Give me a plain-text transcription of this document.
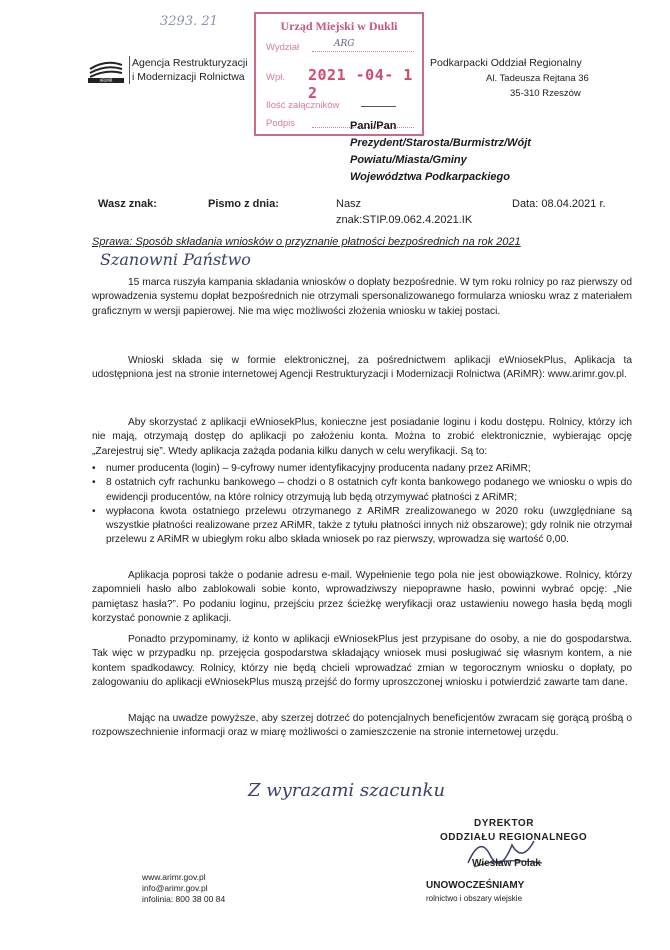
3293. 21
ARiMR
Agencja Restrukturyzacji
i Modernizacji Rolnictwa
Urząd Miejski w Dukli
Wydział	ARG
Wpł.	2021 -04- 1 2
Ilość załączników
Podpis
Podkarpacki Oddział Regionalny
Al. Tadeusza Rejtana 36
35-310 Rzeszów
Pani/Pan
Prezydent/Starosta/Burmistrz/Wójt
Powiatu/Miasta/Gminy
Województwa Podkarpackiego
Wasz znak:	Pismo z dnia:	Nasz
znak:STIP.09.062.4.2021.IK
Data: 08.04.2021 r.
Sprawa: Sposób składania wniosków o przyznanie płatności bezpośrednich na rok 2021
Szanowni Państwo
15 marca ruszyła kampania składania wniosków o dopłaty bezpośrednie. W tym roku rolnicy po raz pierwszy od wprowadzenia systemu dopłat bezpośrednich nie otrzymali spersonalizowanego formularza wniosku wraz z materiałem graficznym w wersji papierowej. Nie ma więc możliwości złożenia wniosku w takiej postaci.
Wnioski składa się w formie elektronicznej, za pośrednictwem aplikacji eWniosekPlus, Aplikacja ta udostępniona jest na stronie internetowej Agencji Restrukturyzacji i Modernizacji Rolnictwa (ARiMR): www.arimr.gov.pl.
Aby skorzystać z aplikacji eWniosekPlus, konieczne jest posiadanie loginu i kodu dostępu. Rolnicy, którzy ich nie mają, otrzymają dostęp do aplikacji po założeniu konta. Można to zrobić elektronicznie, wybierając opcję „Zarejestruj się”. Wtedy aplikacja zażąda podania kilku danych w celu weryfikacji. Są to:
• numer producenta (login) – 9-cyfrowy numer identyfikacyjny producenta nadany przez ARiMR;
• 8 ostatnich cyfr rachunku bankowego – chodzi o 8 ostatnich cyfr konta bankowego podanego we wniosku o wpis do ewidencji producentów, na które rolnicy otrzymują lub będą otrzymywać płatności z ARiMR;
• wypłacona kwota ostatniego przelewu otrzymanego z ARiMR zrealizowanego w 2020 roku (uwzględniane są wszystkie płatności realizowane przez ARiMR, także z tytułu płatności innych niż obszarowe); gdy rolnik nie otrzymał przelewu z ARiMR w ubiegłym roku albo składa wniosek po raz pierwszy, wprowadza się wartość 0,00.
Aplikacja poprosi także o podanie adresu e-mail. Wypełnienie tego pola nie jest obowiązkowe. Rolnicy, którzy zapomnieli hasło albo zablokowali sobie konto, wprowadziwszy niepoprawne hasło, powinni wybrać opcję: „Nie pamiętasz hasła?”. Po podaniu loginu, przejściu przez ścieżkę weryfikacji oraz ustawieniu nowego hasła będą mogli korzystać ponownie z aplikacji.
Ponadto przypominamy, iż konto w aplikacji eWniosekPlus jest przypisane do osoby, a nie do gospodarstwa. Tak więc w przypadku np. przejęcia gospodarstwa składający wniosek musi posługiwać się własnym kontem, a nie kontem spadkodawcy. Rolnicy, którzy nie będą chcieli wprowadzać zmian w tegorocznym wniosku o dopłaty, po zalogowaniu do aplikacji eWniosekPlus muszą przejść do formy uproszczonej wniosku i potwierdzić zawarte tam dane.
Mając na uwadze powyższe, aby szerzej dotrzeć do potencjalnych beneficjentów zwracam się gorącą prośbą o rozpowszechnienie informacji oraz w miarę możliwości o zamieszczenie na stronie internetowej urzędu.
Z wyrazami szacunku
DYREKTOR
ODDZIAŁU REGIONALNEGO
Wiesław Polak
www.arimr.gov.pl
info@arimr.gov.pl
infolinia: 800 38 00 84
UNOWOCZEŚNIAMY
rolnictwo i obszary wiejskie
